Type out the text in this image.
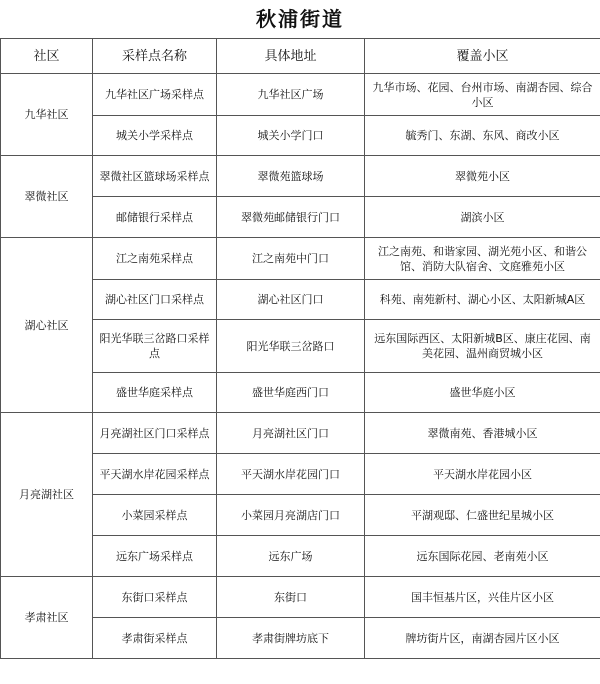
秋浦街道
社区	采样点名称	具体地址	覆盖小区
九华社区	九华社区广场采样点	九华社区广场	九华市场、花园、台州市场、南湖杏园、综合小区
	城关小学采样点	城关小学门口	毓秀门、东湖、东风、商改小区
翠微社区	翠微社区篮球场采样点	翠微苑篮球场	翠微苑小区
	邮储银行采样点	翠微苑邮储银行门口	湖滨小区
湖心社区	江之南苑采样点	江之南苑中门口	江之南苑、和谐家园、湖光苑小区、和谐公馆、消防大队宿舍、文庭雅苑小区
	湖心社区门口采样点	湖心社区门口	科苑、南苑新村、湖心小区、太阳新城A区
	阳光华联三岔路口采样点	阳光华联三岔路口	远东国际西区、太阳新城B区、康庄花园、南美花园、温州商贸城小区
	盛世华庭采样点	盛世华庭西门口	盛世华庭小区
月亮湖社区	月亮湖社区门口采样点	月亮湖社区门口	翠微南苑、香港城小区
	平天湖水岸花园采样点	平天湖水岸花园门口	平天湖水岸花园小区
	小菜园采样点	小菜园月亮湖店门口	平湖观邸、仁盛世纪星城小区
	远东广场采样点	远东广场	远东国际花园、老南苑小区
孝肃社区	东街口采样点	东街口	国丰恒基片区，兴佳片区小区
	孝肃街采样点	孝肃街牌坊底下	牌坊街片区，南湖杏园片区小区
